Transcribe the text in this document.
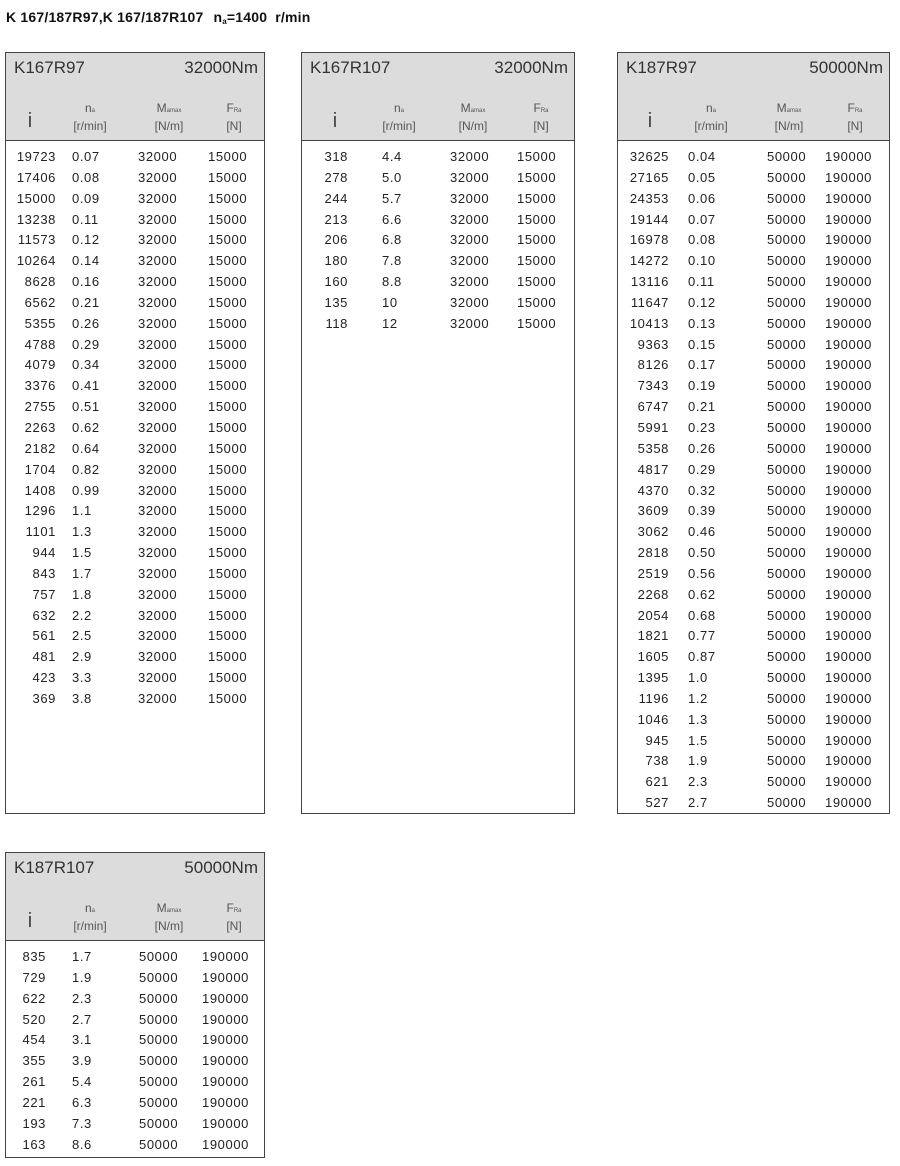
K 167/187R97,K 167/187R107 $n_a=1400$ r/min
K167R97	32000Nm
i
na
[r/min]
Mamax
[N/m]
FRa
[N]
19723 0.07	32000 15000
17406 0.08	32000 15000
15000 0.09	32000 15000
13238 0.11	32000 15000
11573 0.12	32000 15000
10264 0.14	32000 15000
8628 0.16	32000 15000
6562 0.21	32000 15000
5355 0.26	32000 15000
4788 0.29	32000 15000
4079 0.34	32000 15000
3376 0.41	32000 15000
2755 0.51	32000 15000
2263 0.62	32000 15000
2182 0.64	32000 15000
1704 0.82	32000 15000
1408 0.99	32000 15000
1296 1.1	32000 15000
1101 1.3	32000 15000
944 1.5	32000 15000
843 1.7	32000 15000
757 1.8	32000 15000
632 2.2	32000 15000
561 2.5	32000 15000
481 2.9	32000 15000
423 3.3	32000 15000
369 3.8	32000 15000
K167R107	32000Nm
i
na
[r/min]
Mamax
[N/m]
FRa
[N]
318	4.4	32000 15000
278	5.0	32000 15000
244	5.7	32000 15000
213	6.6	32000 15000
206	6.8	32000 15000
180	7.8	32000 15000
160	8.8	32000 15000
135	10	32000 15000
118	12	32000 15000
K187R97	50000Nm
i
na
[r/min]
Mamax
[N/m]
FRa
[N]
32625 0.04	50000 190000
27165 0.05	50000 190000
24353 0.06	50000 190000
19144 0.07	50000 190000
16978 0.08	50000 190000
14272 0.10	50000 190000
13116 0.11	50000 190000
11647 0.12	50000 190000
10413 0.13	50000 190000
9363 0.15	50000 190000
8126 0.17	50000 190000
7343 0.19	50000 190000
6747 0.21	50000 190000
5991 0.23	50000 190000
5358 0.26	50000 190000
4817 0.29	50000 190000
4370 0.32	50000 190000
3609 0.39	50000 190000
3062 0.46	50000 190000
2818 0.50	50000 190000
2519 0.56	50000 190000
2268 0.62	50000 190000
2054 0.68	50000 190000
1821 0.77	50000 190000
1605 0.87	50000 190000
1395 1.0	50000 190000
1196 1.2	50000 190000
1046 1.3	50000 190000
945 1.5	50000 190000
738 1.9	50000 190000
621 2.3	50000 190000
527 2.7	50000 190000
K187R107	50000Nm
i
na
[r/min]
Mamax
[N/m]
FRa
[N]
835 1.7	50000 190000
729 1.9	50000 190000
622 2.3	50000 190000
520 2.7	50000 190000
454 3.1	50000 190000
355 3.9	50000 190000
261 5.4	50000 190000
221 6.3	50000 190000
193 7.3	50000 190000
163 8.6	50000 190000
